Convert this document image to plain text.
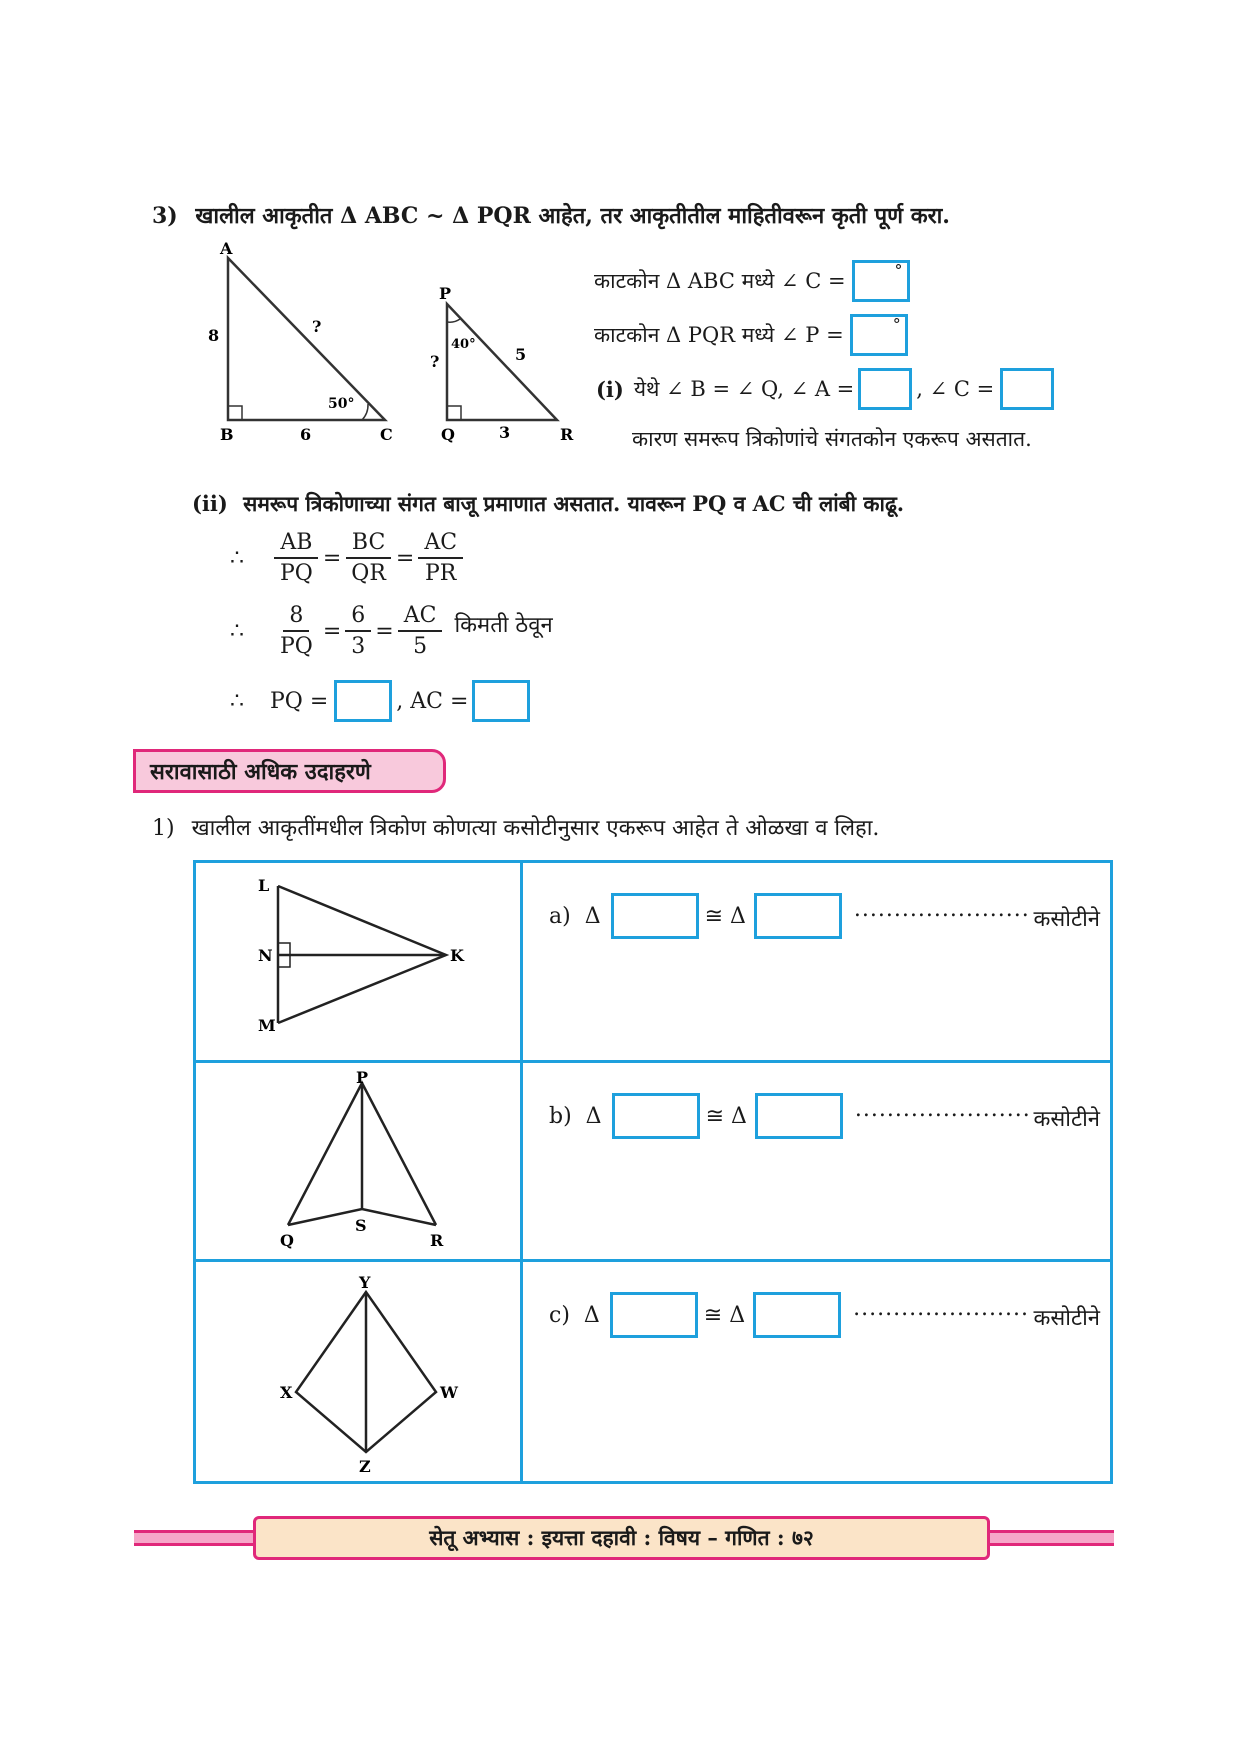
3) खालील आकृतीत Δ ABC ~ Δ PQR आहेत, तर आकृतीतील माहितीवरून कृती पूर्ण करा.
A
B	C
8
6
?
50°
P
Q	R
?
3
5
40°
काटकोन Δ ABC मध्ये ∠ C =	°
काटकोन Δ PQR मध्ये ∠ P =	°
(i) येथे ∠ B = ∠ Q, ∠ A =	, ∠ C =
कारण समरूप त्रिकोणांचे संगतकोन एकरूप असतात.
(ii) समरूप त्रिकोणाच्या संगत बाजू प्रमाणात असतात. यावरून PQ व AC ची लांबी काढू.
∴	$\frac{AB}{PQ} = \frac{BC}{QR} = \frac{AC}{PR}$
∴	$\frac{8}{PQ} = \frac{6}{3} = \frac{AC}{5}$ किमती ठेवून
∴	PQ =	, AC =
सरावासाठी अधिक उदाहरणे
1) खालील आकृतींमधील त्रिकोण कोणत्या कसोटीनुसार एकरूप आहेत ते ओळखा व लिहा.
L
N K
M	a) Δ ≅ Δ ...................... कसोटीने

P
Q
S
R	b) Δ ≅ Δ ...................... कसोटीने

Y
X W
Z	c) Δ ≅ Δ ...................... कसोटीने
सेतू अभ्यास : इयत्ता दहावी : विषय – गणित : ७२
